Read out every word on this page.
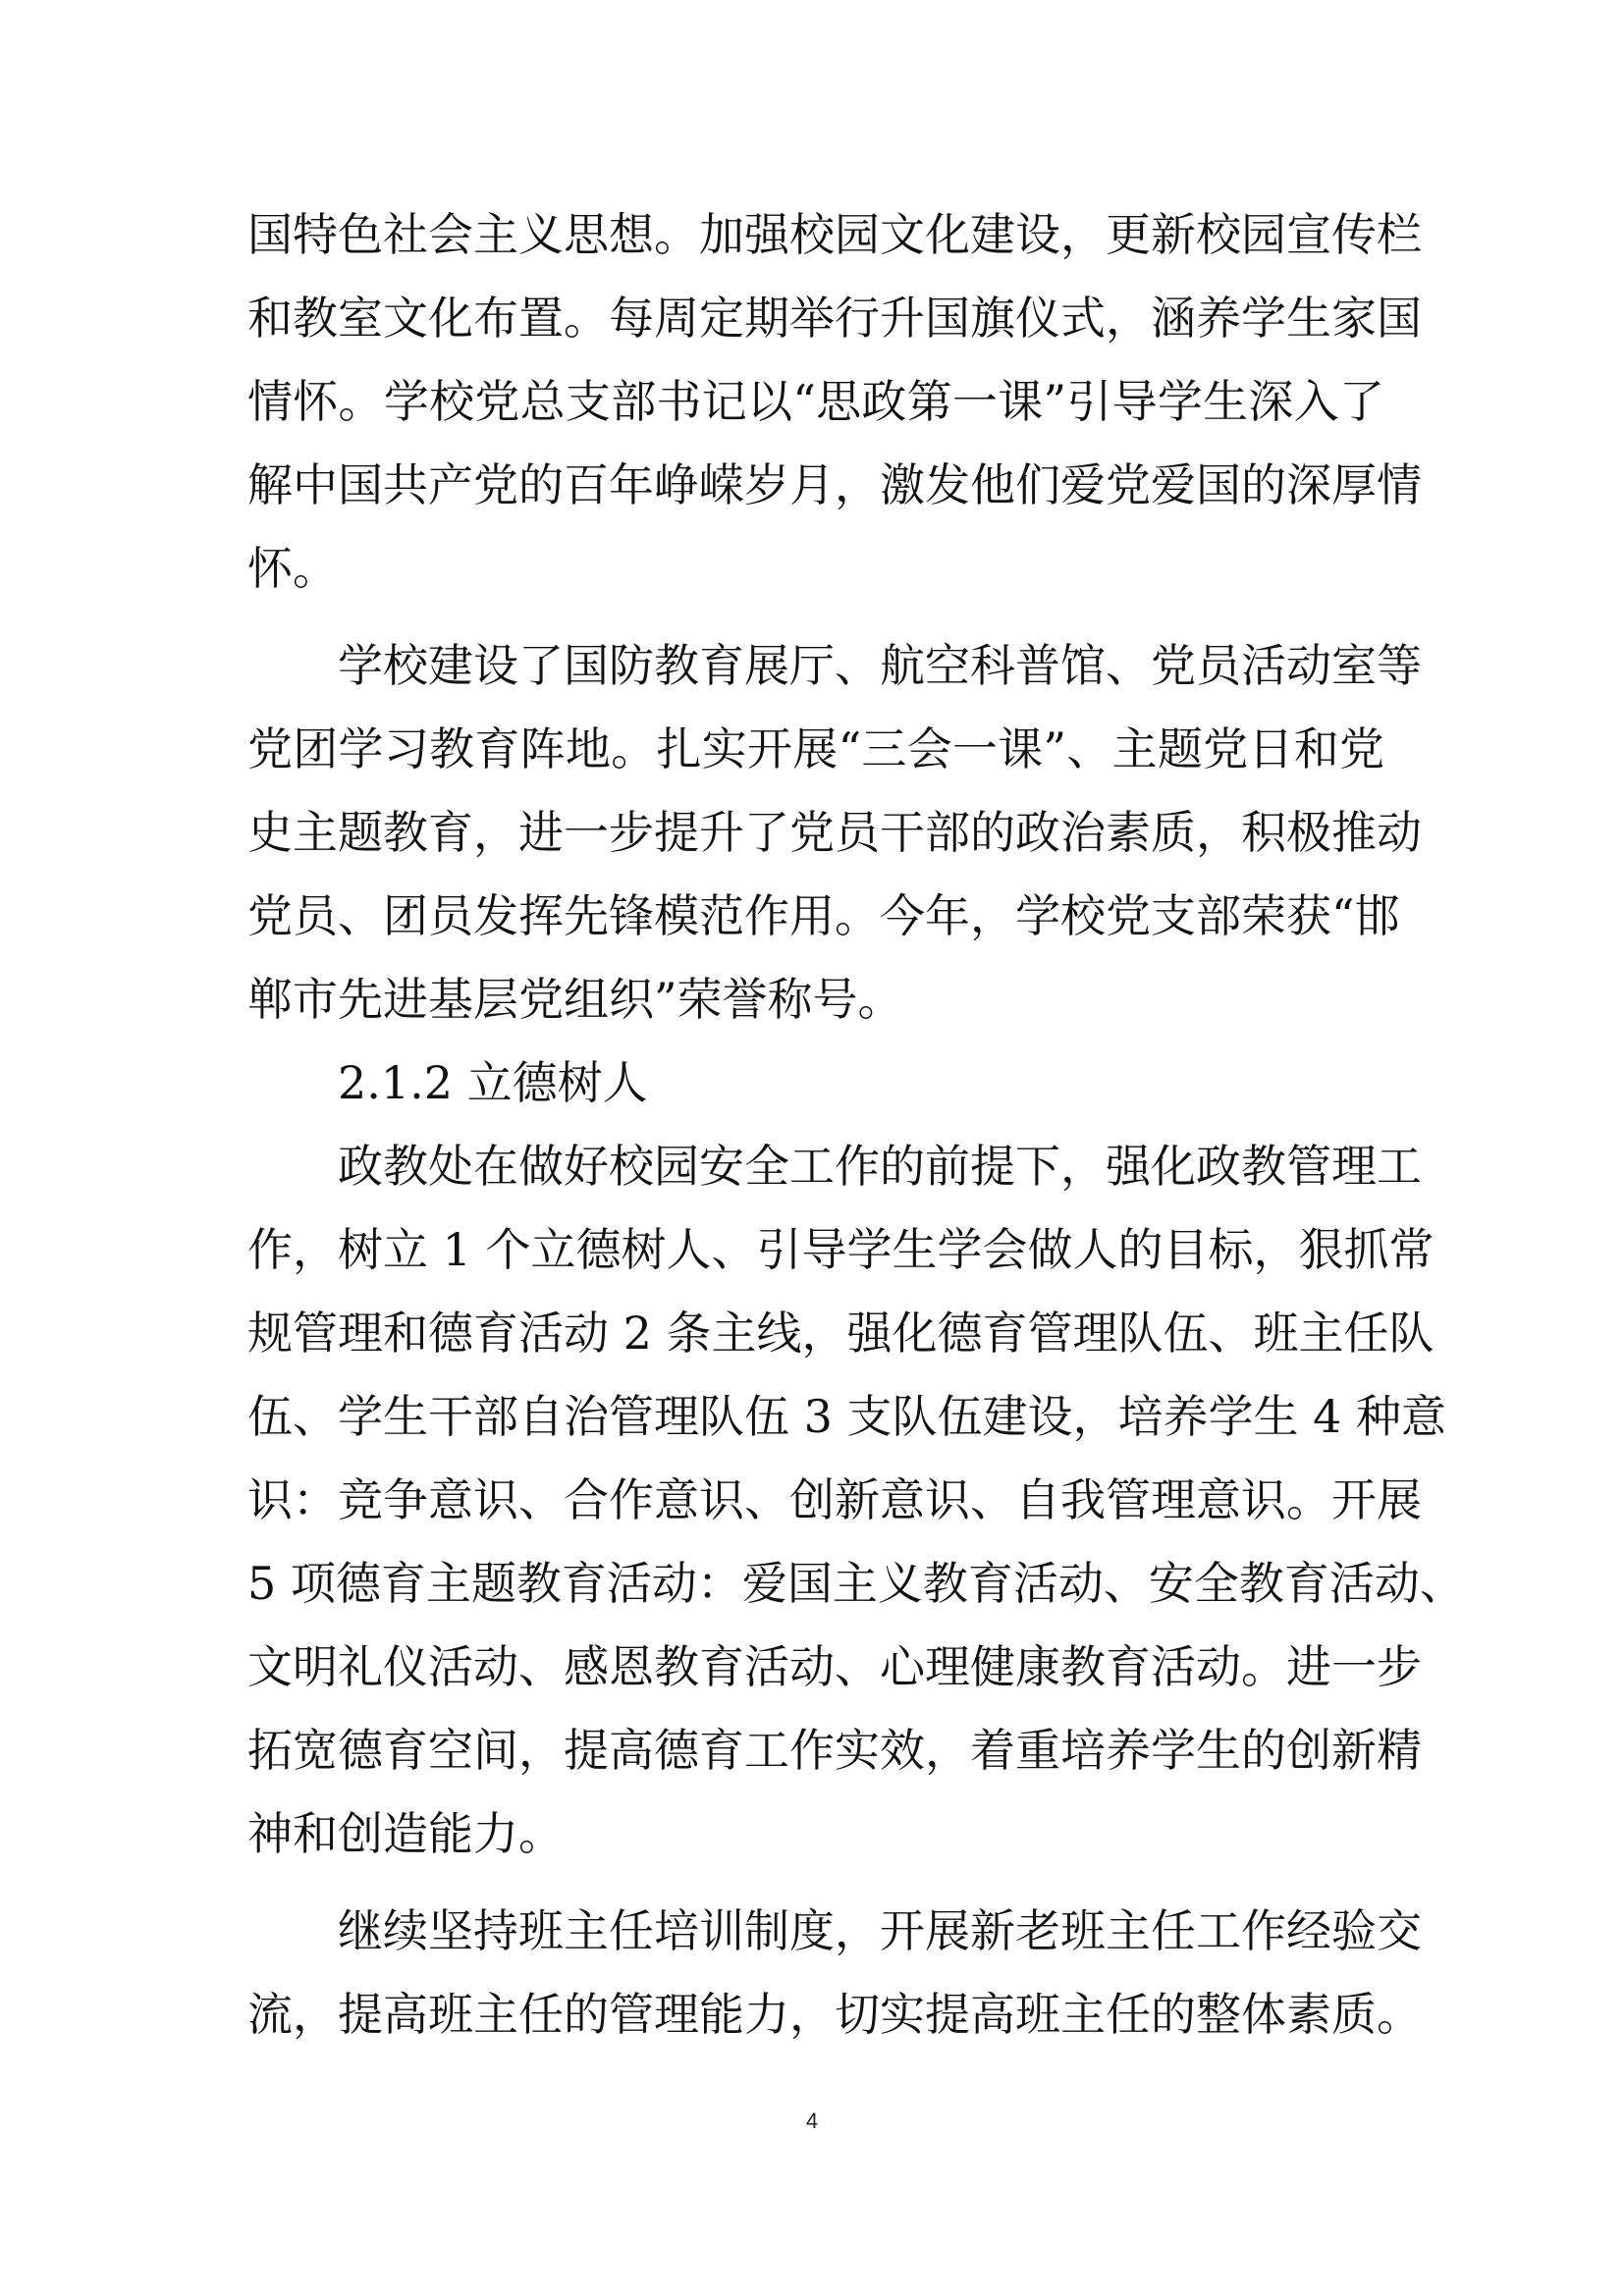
国特色社会主义思想。加强校园文化建设，更新校园宣传栏
和教室文化布置。每周定期举行升国旗仪式，涵养学生家国
情怀。学校党总支部书记以“思政第一课”引导学生深入了
解中国共产党的百年峥嵘岁月，激发他们爱党爱国的深厚情
怀。
学校建设了国防教育展厅、航空科普馆、党员活动室等
党团学习教育阵地。扎实开展“三会一课”、主题党日和党
史主题教育，进一步提升了党员干部的政治素质，积极推动
党员、团员发挥先锋模范作用。今年，学校党支部荣获“邯
郸市先进基层党组织”荣誉称号。
2.1.2 立德树人
政教处在做好校园安全工作的前提下，强化政教管理工
作，树立 1 个立德树人、引导学生学会做人的目标，狠抓常
规管理和德育活动 2 条主线，强化德育管理队伍、班主任队
伍、学生干部自治管理队伍 3 支队伍建设，培养学生 4 种意
识：竞争意识、合作意识、创新意识、自我管理意识。开展
5 项德育主题教育活动：爱国主义教育活动、安全教育活动、
文明礼仪活动、感恩教育活动、心理健康教育活动。进一步
拓宽德育空间，提高德育工作实效，着重培养学生的创新精
神和创造能力。
继续坚持班主任培训制度，开展新老班主任工作经验交
流，提高班主任的管理能力，切实提高班主任的整体素质。
4
